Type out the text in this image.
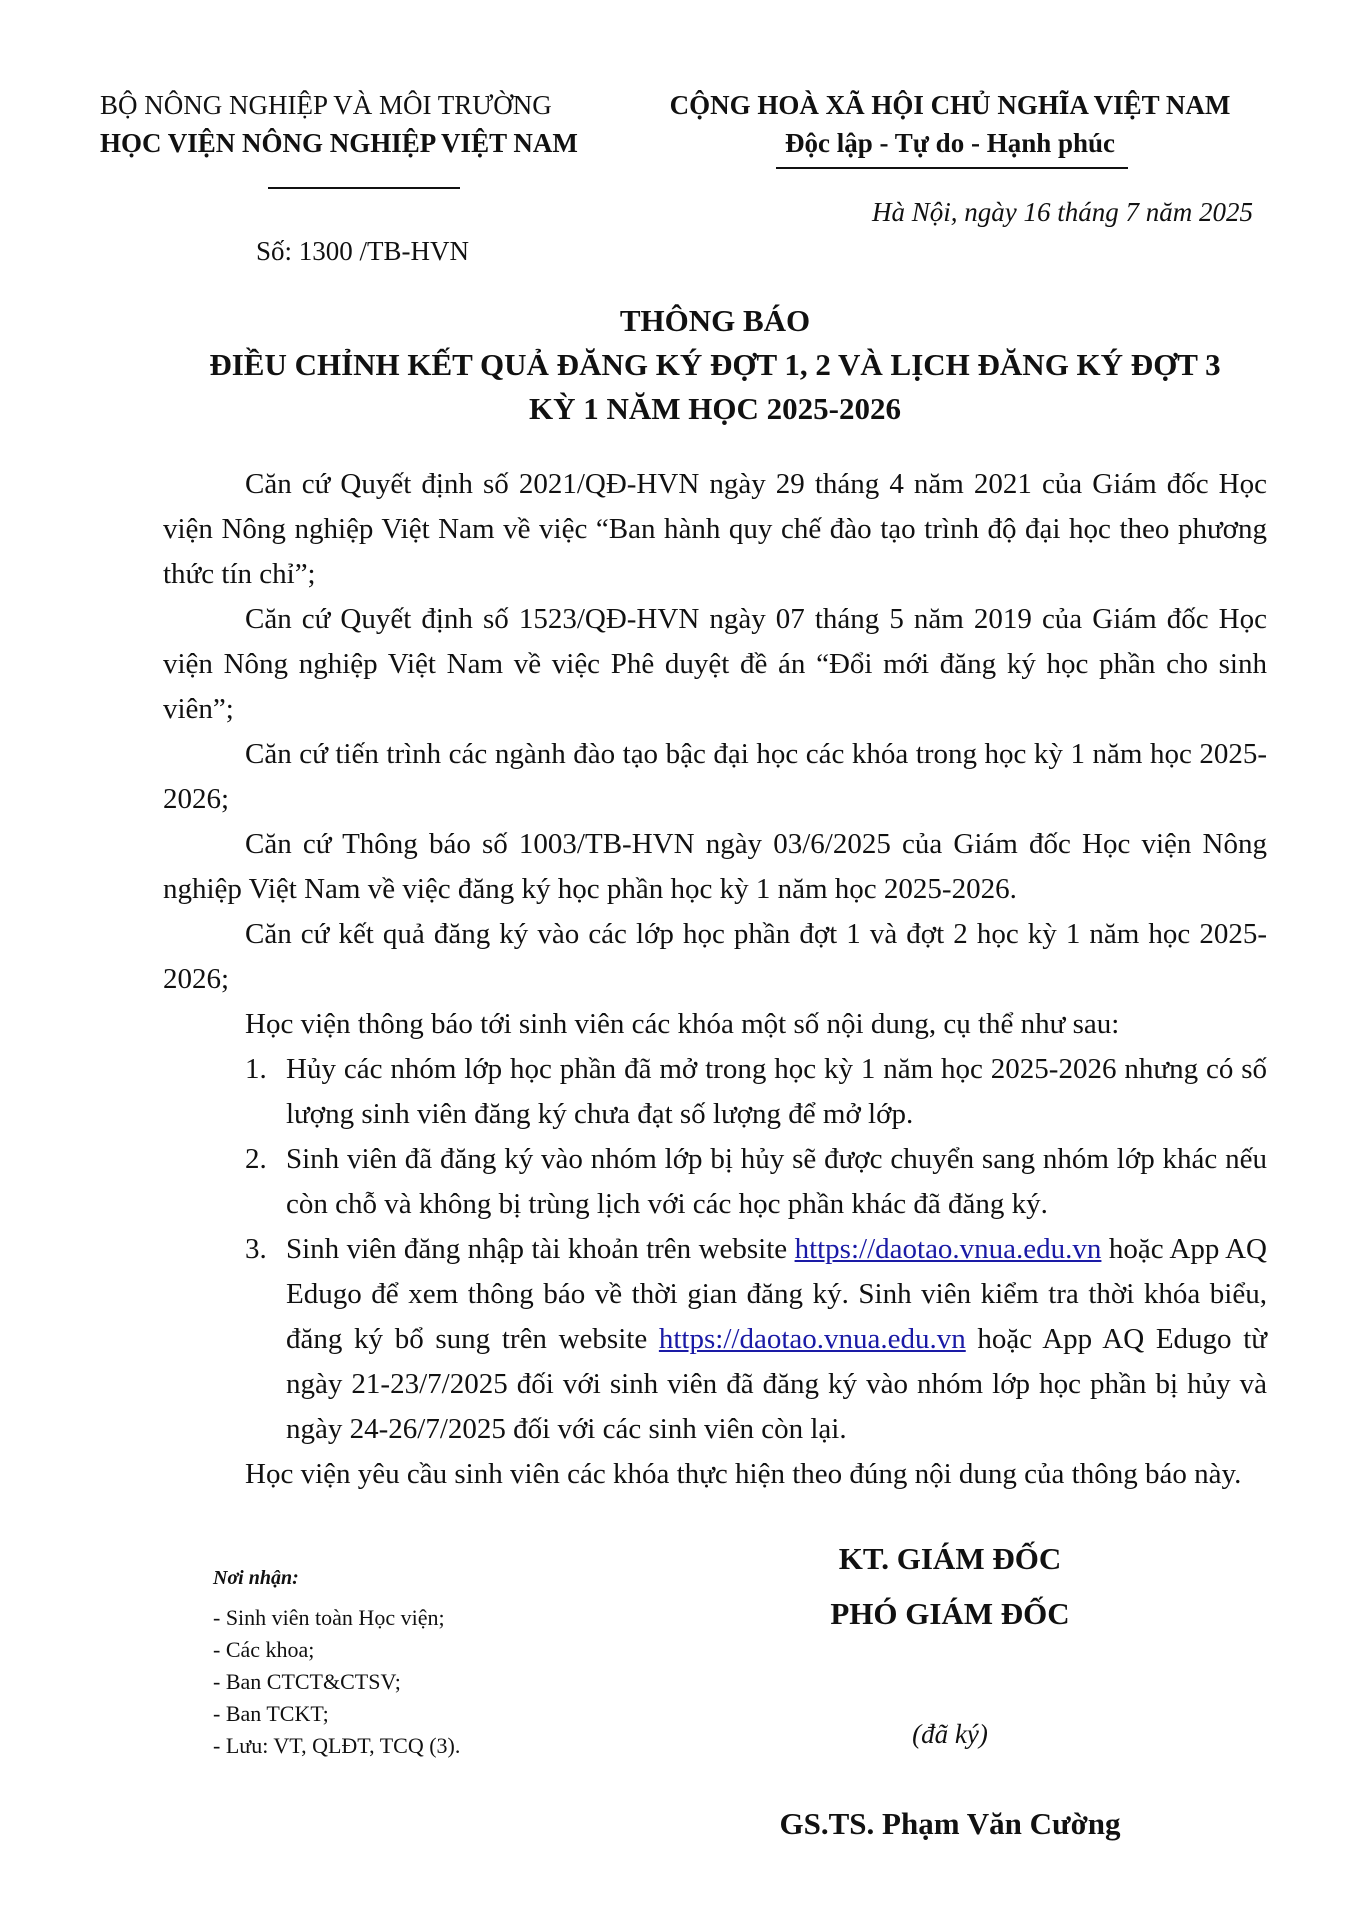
BỘ NÔNG NGHIỆP VÀ MÔI TRƯỜNG
HỌC VIỆN NÔNG NGHIỆP VIỆT NAM
Số: 1300 /TB-HVN
CỘNG HOÀ XÃ HỘI CHỦ NGHĨA VIỆT NAM
Độc lập - Tự do - Hạnh phúc
Hà Nội, ngày 16 tháng 7 năm 2025
THÔNG BÁO
ĐIỀU CHỈNH KẾT QUẢ ĐĂNG KÝ ĐỢT 1, 2 VÀ LỊCH ĐĂNG KÝ ĐỢT 3
KỲ 1 NĂM HỌC 2025-2026

Căn cứ Quyết định số 2021/QĐ-HVN ngày 29 tháng 4 năm 2021 của Giám đốc Học viện Nông nghiệp Việt Nam về việc “Ban hành quy chế đào tạo trình độ đại học theo phương thức tín chỉ”;

Căn cứ Quyết định số 1523/QĐ-HVN ngày 07 tháng 5 năm 2019 của Giám đốc Học viện Nông nghiệp Việt Nam về việc Phê duyệt đề án “Đổi mới đăng ký học phần cho sinh viên”;

Căn cứ tiến trình các ngành đào tạo bậc đại học các khóa trong học kỳ 1 năm học 2025-2026;

Căn cứ Thông báo số 1003/TB-HVN ngày 03/6/2025 của Giám đốc Học viện Nông nghiệp Việt Nam về việc đăng ký học phần học kỳ 1 năm học 2025-2026.

Căn cứ kết quả đăng ký vào các lớp học phần đợt 1 và đợt 2 học kỳ 1 năm học 2025-2026;

Học viện thông báo tới sinh viên các khóa một số nội dung, cụ thể như sau:

1. Hủy các nhóm lớp học phần đã mở trong học kỳ 1 năm học 2025-2026 nhưng có số lượng sinh viên đăng ký chưa đạt số lượng để mở lớp.
2. Sinh viên đã đăng ký vào nhóm lớp bị hủy sẽ được chuyển sang nhóm lớp khác nếu còn chỗ và không bị trùng lịch với các học phần khác đã đăng ký.
3. Sinh viên đăng nhập tài khoản trên website https://daotao.vnua.edu.vn hoặc App AQ Edugo để xem thông báo về thời gian đăng ký. Sinh viên kiểm tra thời khóa biểu, đăng ký bổ sung trên website https://daotao.vnua.edu.vn hoặc App AQ Edugo từ ngày 21-23/7/2025 đối với sinh viên đã đăng ký vào nhóm lớp học phần bị hủy và ngày 24-26/7/2025 đối với các sinh viên còn lại.

Học viện yêu cầu sinh viên các khóa thực hiện theo đúng nội dung của thông báo này.

Nơi nhận:
- Sinh viên toàn Học viện;
- Các khoa;
- Ban CTCT&CTSV;
- Ban TCKT;
- Lưu: VT, QLĐT, TCQ (3).
KT. GIÁM ĐỐC
PHÓ GIÁM ĐỐC
(đã ký)
GS.TS. Phạm Văn Cường
